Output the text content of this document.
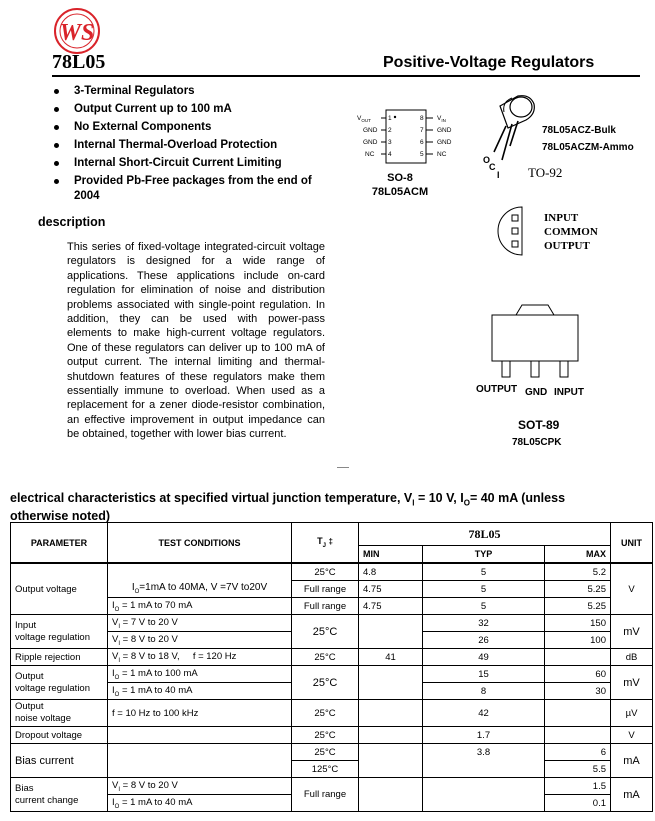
WS
78L05	Positive-Voltage Regulators
3-Terminal Regulators
Output Current up to 100 mA
No External Components
Internal Thermal-Overload Protection
Internal Short-Circuit Current Limiting
Provided Pb-Free packages from the end of 2004
description
This series of fixed-voltage integrated-circuit voltage regulators is designed for a wide range of applications. These applications include on-card regulation for elimination of noise and distribution problems associated with single-point regulation. In addition, they can be used with power-pass elements to make high-current voltage regulators. One of these regulators can deliver up to 100 mA of output current. The internal limiting and thermal-shutdown features of these regulators make them essentially immune to overload. When used as a replacement for a zener diode-resistor combination, an effective improvement in output impedance can be obtained, together with lower bias current.
$V_{OUT}$
GND
GND
NC
1
2
3
4
8
7
6
5
$V_{IN}$
GND
GND
NC
SO-8
78L05ACM
O
C
I
78L05ACZ-Bulk
78L05ACZM-Ammo
TO-92
INPUT
COMMON
OUTPUT
OUTPUT GND INPUT
SOT-89
78L05CPK
electrical characteristics at specified virtual junction temperature, $V_I = 10$ V, $I_O= 40$ mA (unless otherwise noted)
PARAMETER	TEST CONDITIONS	$T_J$ ‡	78L05			UNIT
			MIN	TYP	MAX	
Output voltage		25°C	4.8	5	5.2	V
	$I_O=1mA$ to 40MA, V =7V to20V	Full range	4.75	5	5.25	
	$I_O = 1$ mA to 70 mA	Full range	4.75	5	5.25	
Input
voltage regulation	$V_I = 7$ V to 20 V	25°C		32	150	mV
	$V_I = 8$ V to 20 V			26	100	
Ripple rejection	$V_I = 8$ V to 18 V,     f = 120 Hz	25°C	41	49		dB
Output
voltage regulation	$I_O = 1$ mA to 100 mA	25°C		15	60	mV
	$I_O = 1$ mA to 40 mA			8	30	
Output
noise voltage	f = 10 Hz to 100 kHz	25°C		42		µV
Dropout voltage		25°C		1.7		V
Bias current		25°C		3.8	6	mA
		125°C			5.5	
Bias
current change	$V_I = 8$ V to 20 V	Full range			1.5	mA
	$I_O = 1$ mA to 40 mA				0.1	
